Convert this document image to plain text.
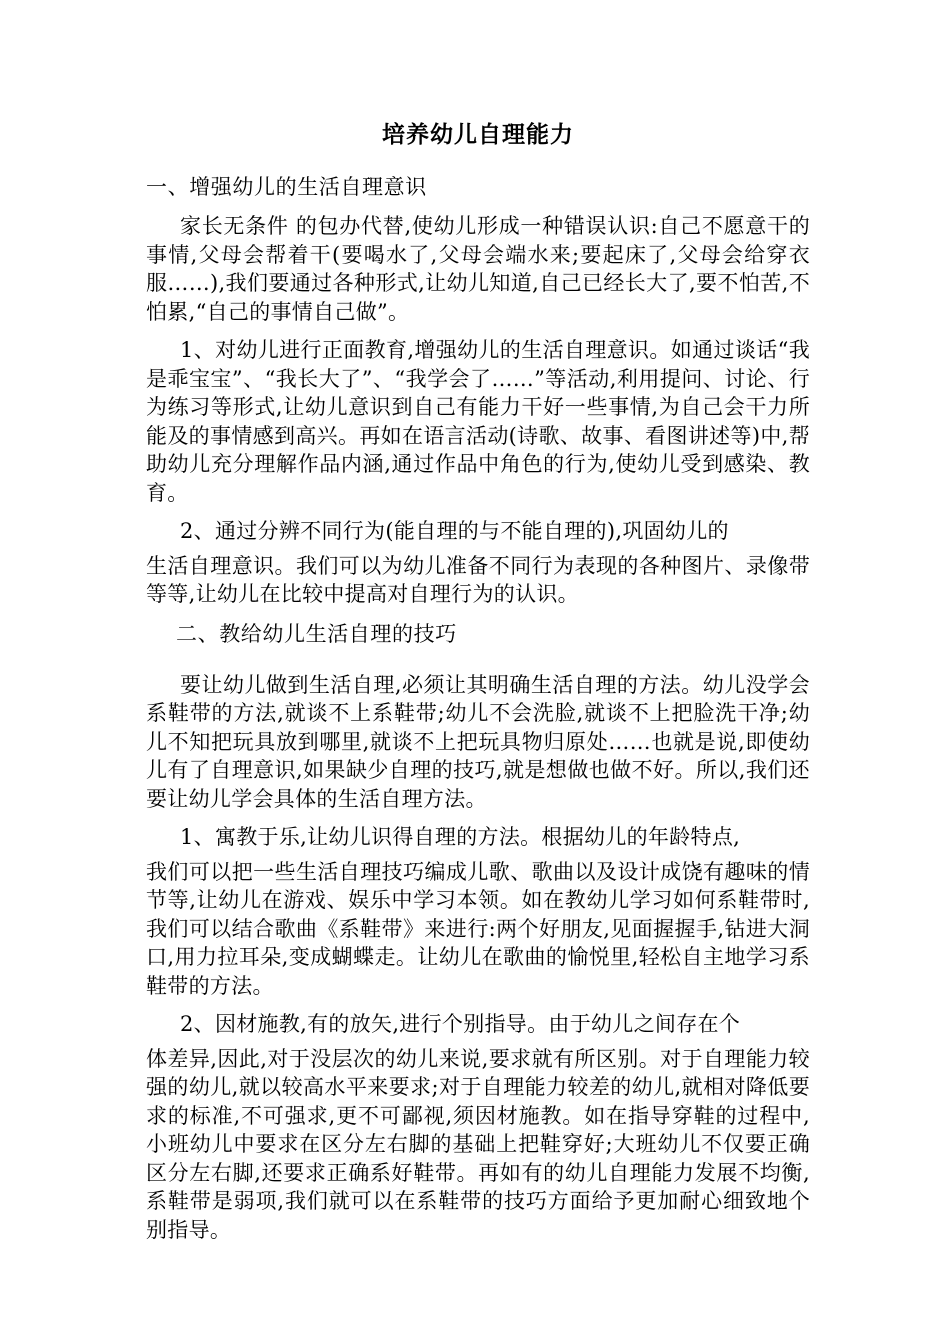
培养幼儿自理能力
一、增强幼儿的生活自理意识

家长无条件 的包办代替,使幼儿形成一种错误认识:自己不愿意干的事情,父母会帮着干(要喝水了,父母会端水来;要起床了,父母会给穿衣服……),我们要通过各种形式,让幼儿知道,自己已经长大了,要不怕苦,不怕累,“自己的事情自己做”。

1、对幼儿进行正面教育,增强幼儿的生活自理意识。如通过谈话“我是乖宝宝”、“我长大了”、“我学会了……”等活动,利用提问、讨论、行为练习等形式,让幼儿意识到自己有能力干好一些事情,为自己会干力所能及的事情感到高兴。再如在语言活动(诗歌、故事、看图讲述等)中,帮助幼儿充分理解作品内涵,通过作品中角色的行为,使幼儿受到感染、教育。

2、通过分辨不同行为(能自理的与不能自理的),巩固幼儿的
生活自理意识。我们可以为幼儿准备不同行为表现的各种图片、录像带等等,让幼儿在比较中提高对自理行为的认识。

二、教给幼儿生活自理的技巧

要让幼儿做到生活自理,必须让其明确生活自理的方法。幼儿没学会系鞋带的方法,就谈不上系鞋带;幼儿不会洗脸,就谈不上把脸洗干净;幼儿不知把玩具放到哪里,就谈不上把玩具物归原处……也就是说,即使幼儿有了自理意识,如果缺少自理的技巧,就是想做也做不好。所以,我们还要让幼儿学会具体的生活自理方法。

1、寓教于乐,让幼儿识得自理的方法。根据幼儿的年龄特点,
我们可以把一些生活自理技巧编成儿歌、歌曲以及设计成饶有趣味的情节等,让幼儿在游戏、娱乐中学习本领。如在教幼儿学习如何系鞋带时,我们可以结合歌曲《系鞋带》来进行:两个好朋友,见面握握手,钻进大洞口,用力拉耳朵,变成蝴蝶走。让幼儿在歌曲的愉悦里,轻松自主地学习系鞋带的方法。

2、因材施教,有的放矢,进行个别指导。由于幼儿之间存在个
体差异,因此,对于没层次的幼儿来说,要求就有所区别。对于自理能力较强的幼儿,就以较高水平来要求;对于自理能力较差的幼儿,就相对降低要求的标准,不可强求,更不可鄙视,须因材施教。如在指导穿鞋的过程中,小班幼儿中要求在区分左右脚的基础上把鞋穿好;大班幼儿不仅要正确区分左右脚,还要求正确系好鞋带。再如有的幼儿自理能力发展不均衡,系鞋带是弱项,我们就可以在系鞋带的技巧方面给予更加耐心细致地个别指导。
